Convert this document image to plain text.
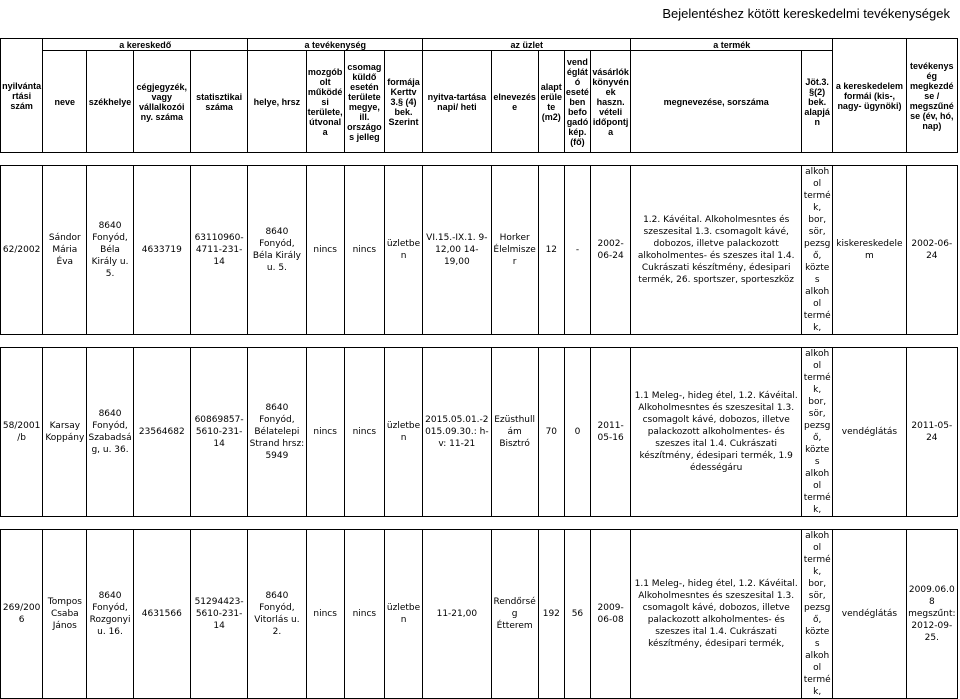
Bejelentéshez kötött kereskedelmi tevékenységek
nyilvántartási szám	a kereskedő				a tevékenység				az üzlet					a termék		a kereskedelem formái (kis-, nagy- ügynöki)	tevékenység megkezdése / megszűnése (év, hó, nap)
	neve	székhelye	cégjegyzék, vagy vállalkozói ny. száma	statisztikai száma	helye, hrsz	mozgóbolt működési területe, útvonala	csomagküldő esetén területe megye, ill. országos jelleg	formája Kerttv 3.§ (4) bek. Szerint	nyitva-tartása napi/ heti	elnevezése	alapterülete (m2)	vendéglátó esetében befogadó kép. (fő)	vásárlók könyvének haszn. vételi időpontja	megnevezése, sorszáma	Jöt.3.§(2) bek. alapján		

62/2002	Sándor Mária Éva	8640 Fonyód, Béla Király u. 5.	4633719	63110960-4711-231-14	8640 Fonyód, Béla Király u. 5.	nincs	nincs	üzletben	VI.15.-IX.1. 9-12,00 14-19,00	Horker Élelmiszer	12	-	2002-06-24	1.2. Kávéital. Alkoholmesntes és szeszesital 1.3. csomagolt kávé, dobozos, illetve palackozott alkoholmentes- és szeszes ital 1.4. Cukrászati készítmény, édesipari termék, 26. sportszer, sporteszköz	alkohol termék, bor, sör, pezsgő, köztes alkohol termék,	kiskereskedelem	2002-06-24

58/2001/b	Karsay Koppány	8640 Fonyód, Szabadság, u. 36.	23564682	60869857-5610-231-14	8640 Fonyód, Bélatelepi Strand hrsz: 5949	nincs	nincs	üzletben	2015.05.01.-2015.09.30.: h-v: 11-21	Ezüsthullám Bisztró	70	0	2011-05-16	1.1 Meleg-, hideg étel, 1.2. Kávéital. Alkoholmesntes és szeszesital 1.3. csomagolt kávé, dobozos, illetve palackozott alkoholmentes- és szeszes ital 1.4. Cukrászati készítmény, édesipari termék, 1.9 édességáru	alkohol termék, bor, sör, pezsgő, köztes alkohol termék,	vendéglátás	2011-05-24

269/2006	Tompos Csaba János	8640 Fonyód, Rozgonyi u. 16.	4631566	51294423-5610-231-14	8640 Fonyód, Vitorlás u. 2.	nincs	nincs	üzletben	11-21,00	Rendőrség Étterem	192	56	2009-06-08	1.1 Meleg-, hideg étel, 1.2. Kávéital. Alkoholmesntes és szeszesital 1.3. csomagolt kávé, dobozos, illetve palackozott alkoholmentes- és szeszes ital 1.4. Cukrászati készítmény, édesipari termék,	alkohol termék, bor, sör, pezsgő, köztes alkohol termék,	vendéglátás	2009.06.08 megszűnt: 2012-09-25.
